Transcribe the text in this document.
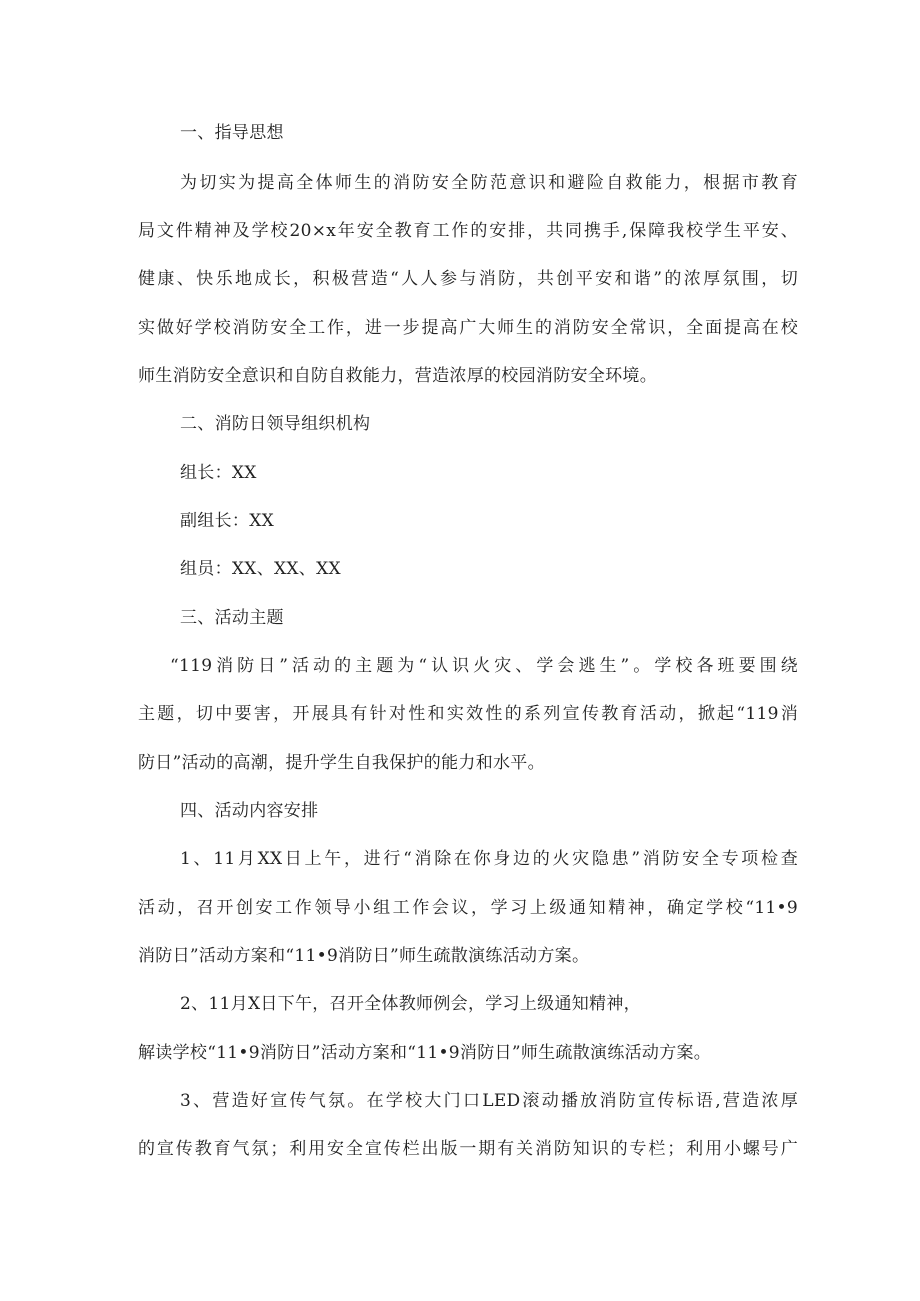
一、指导思想
为切实为提高全体师生的消防安全防范意识和避险自救能力，根据市教育
局文件精神及学校20×x年安全教育工作的安排，共同携手,保障我校学生平安、
健康、快乐地成长，积极营造“人人参与消防，共创平安和谐”的浓厚氛围，切
实做好学校消防安全工作，进一步提高广大师生的消防安全常识，全面提高在校
师生消防安全意识和自防自救能力，营造浓厚的校园消防安全环境。
二、消防日领导组织机构
组长：XX
副组长：XX
组员：XX、XX、XX
三、活动主题
“119消防日”活动的主题为“认识火灾、学会逃生”。学校各班要围绕
主题，切中要害，开展具有针对性和实效性的系列宣传教育活动，掀起“119消
防日”活动的高潮，提升学生自我保护的能力和水平。
四、活动内容安排
1、11月XX日上午，进行“消除在你身边的火灾隐患”消防安全专项检查
活动，召开创安工作领导小组工作会议，学习上级通知精神，确定学校“11•9
消防日”活动方案和“11•9消防日”师生疏散演练活动方案。
2、11月X日下午，召开全体教师例会，学习上级通知精神，
解读学校“11•9消防日”活动方案和“11•9消防日”师生疏散演练活动方案。
3、营造好宣传气氛。在学校大门口LED滚动播放消防宣传标语,营造浓厚
的宣传教育气氛；利用安全宣传栏出版一期有关消防知识的专栏；利用小螺号广
